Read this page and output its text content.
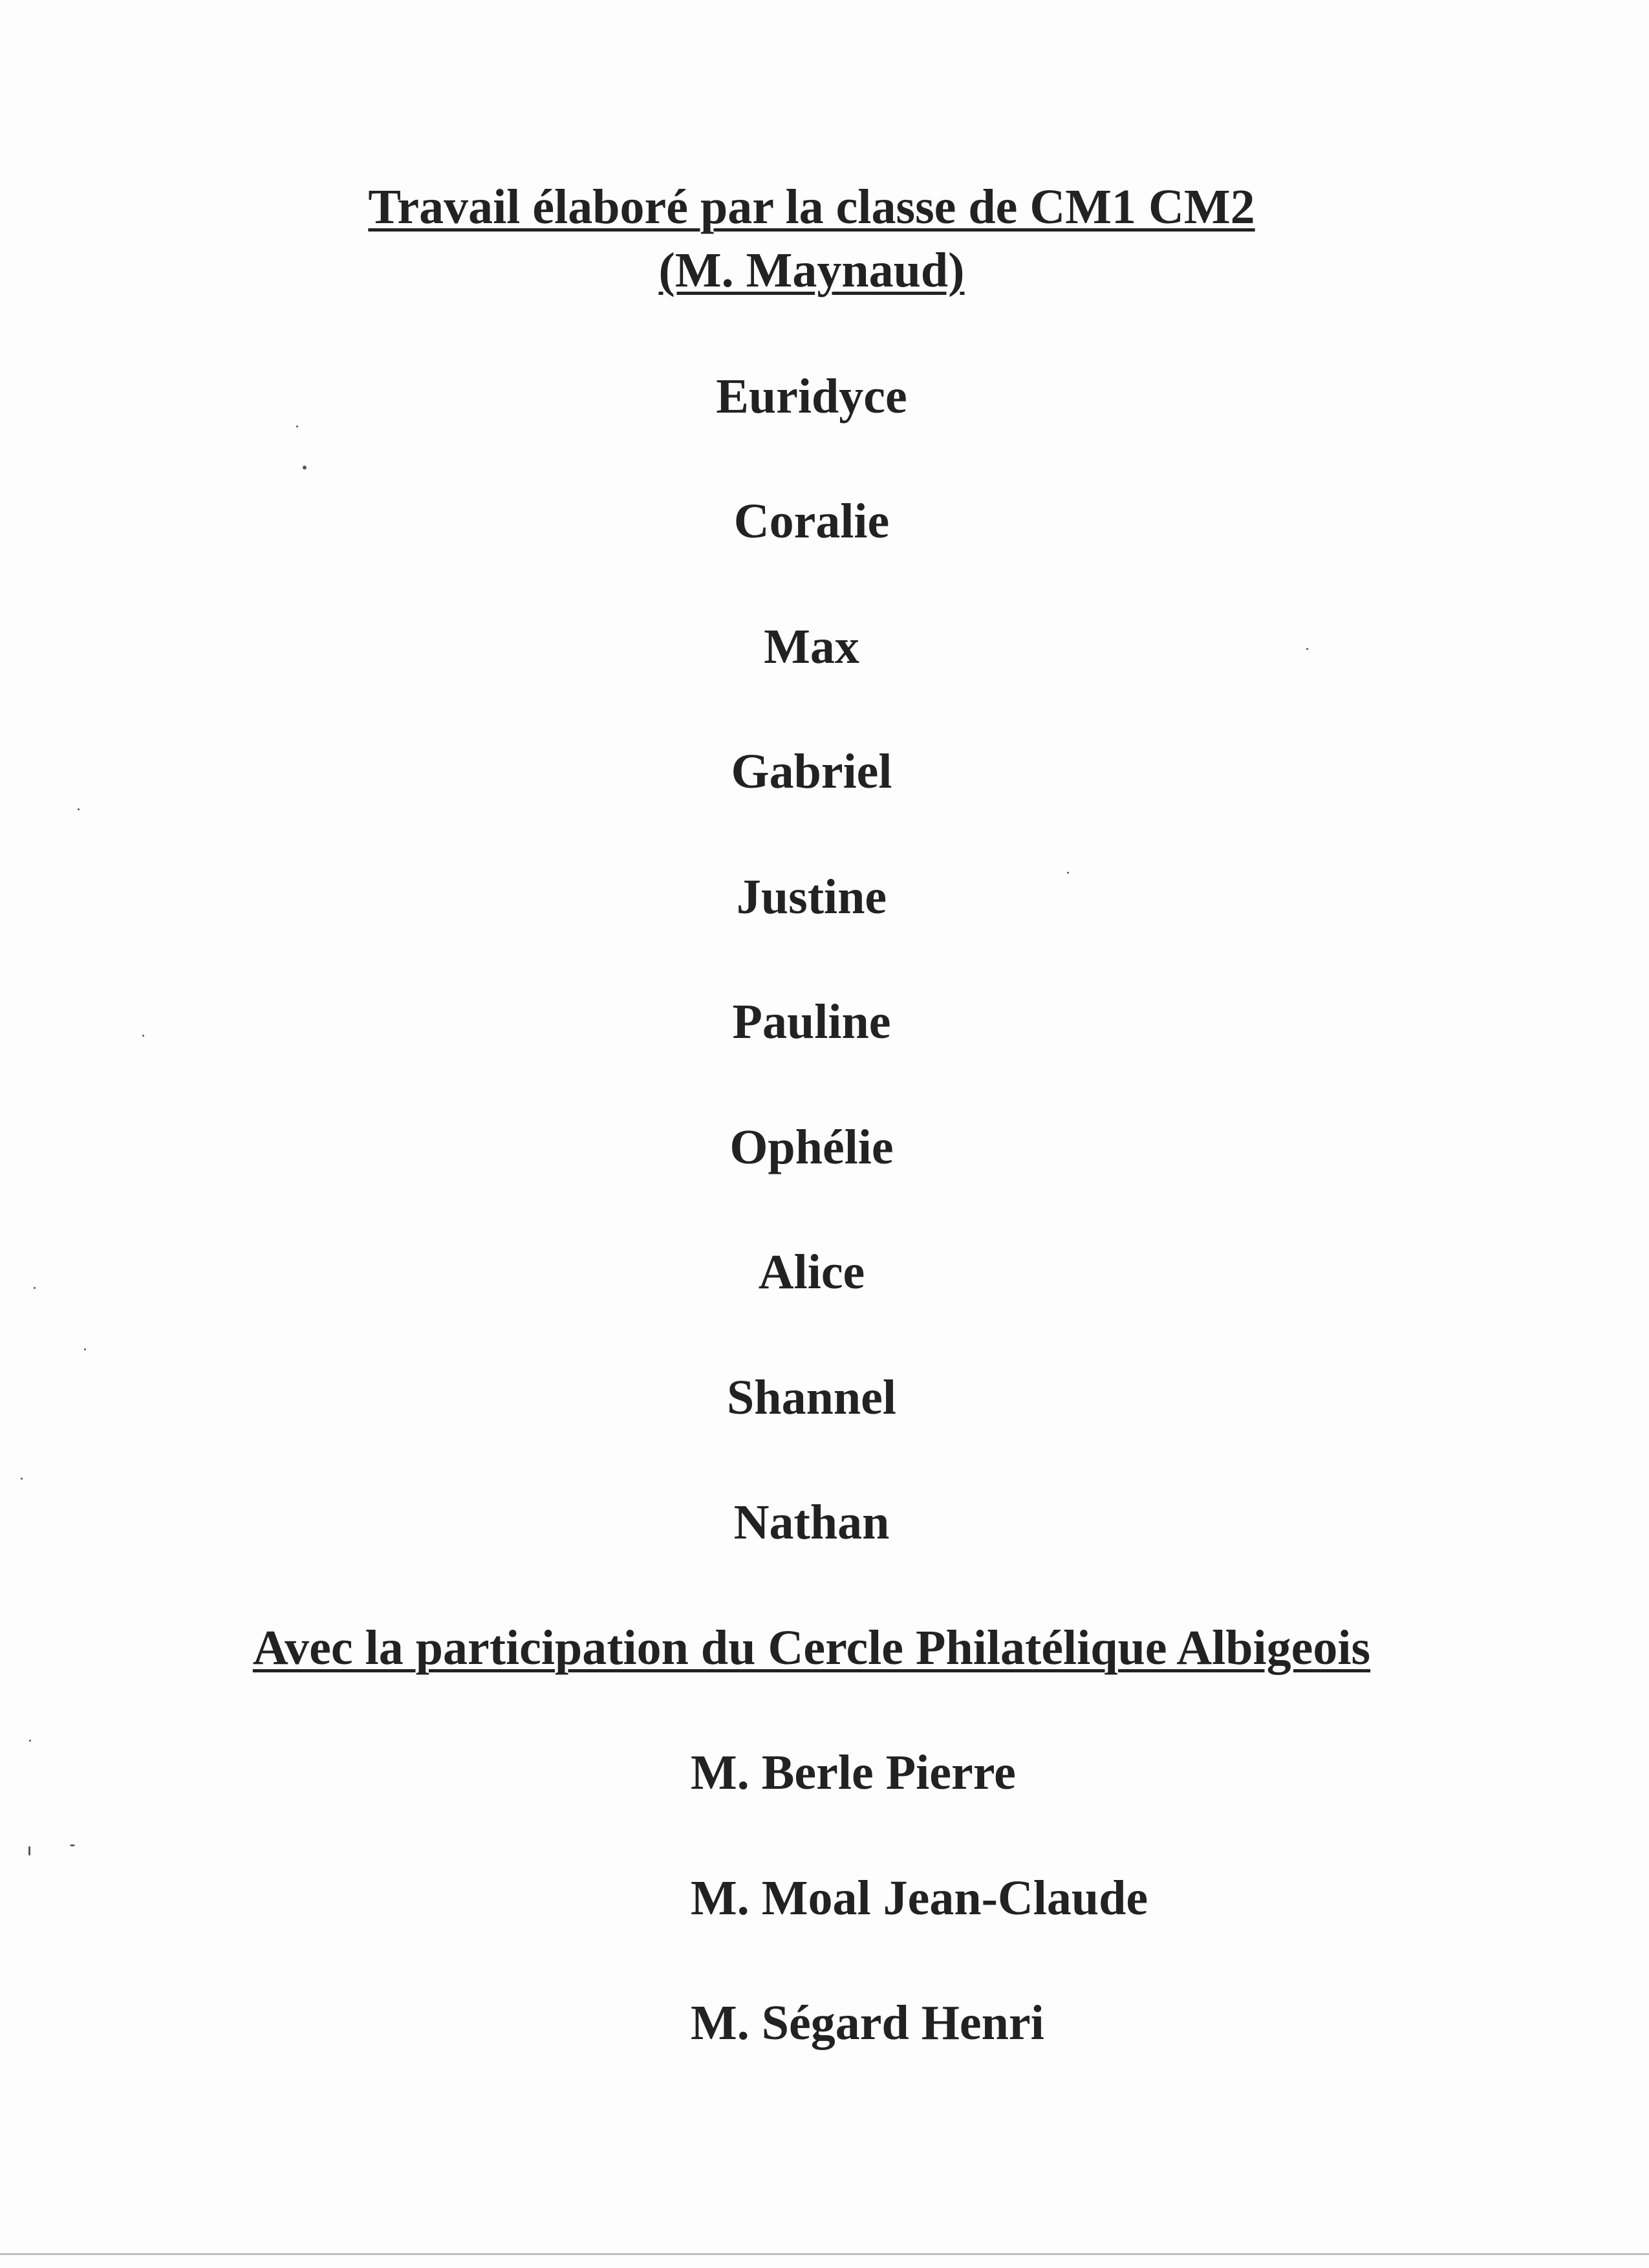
Travail élaboré par la classe de CM1 CM2
(M. Maynaud)

Euridyce

Coralie

Max

Gabriel

Justine

Pauline

Ophélie

Alice

Shannel

Nathan

Avec la participation du Cercle Philatélique Albigeois

M. Berle Pierre

M. Moal Jean-Claude

M. Ségard Henri
